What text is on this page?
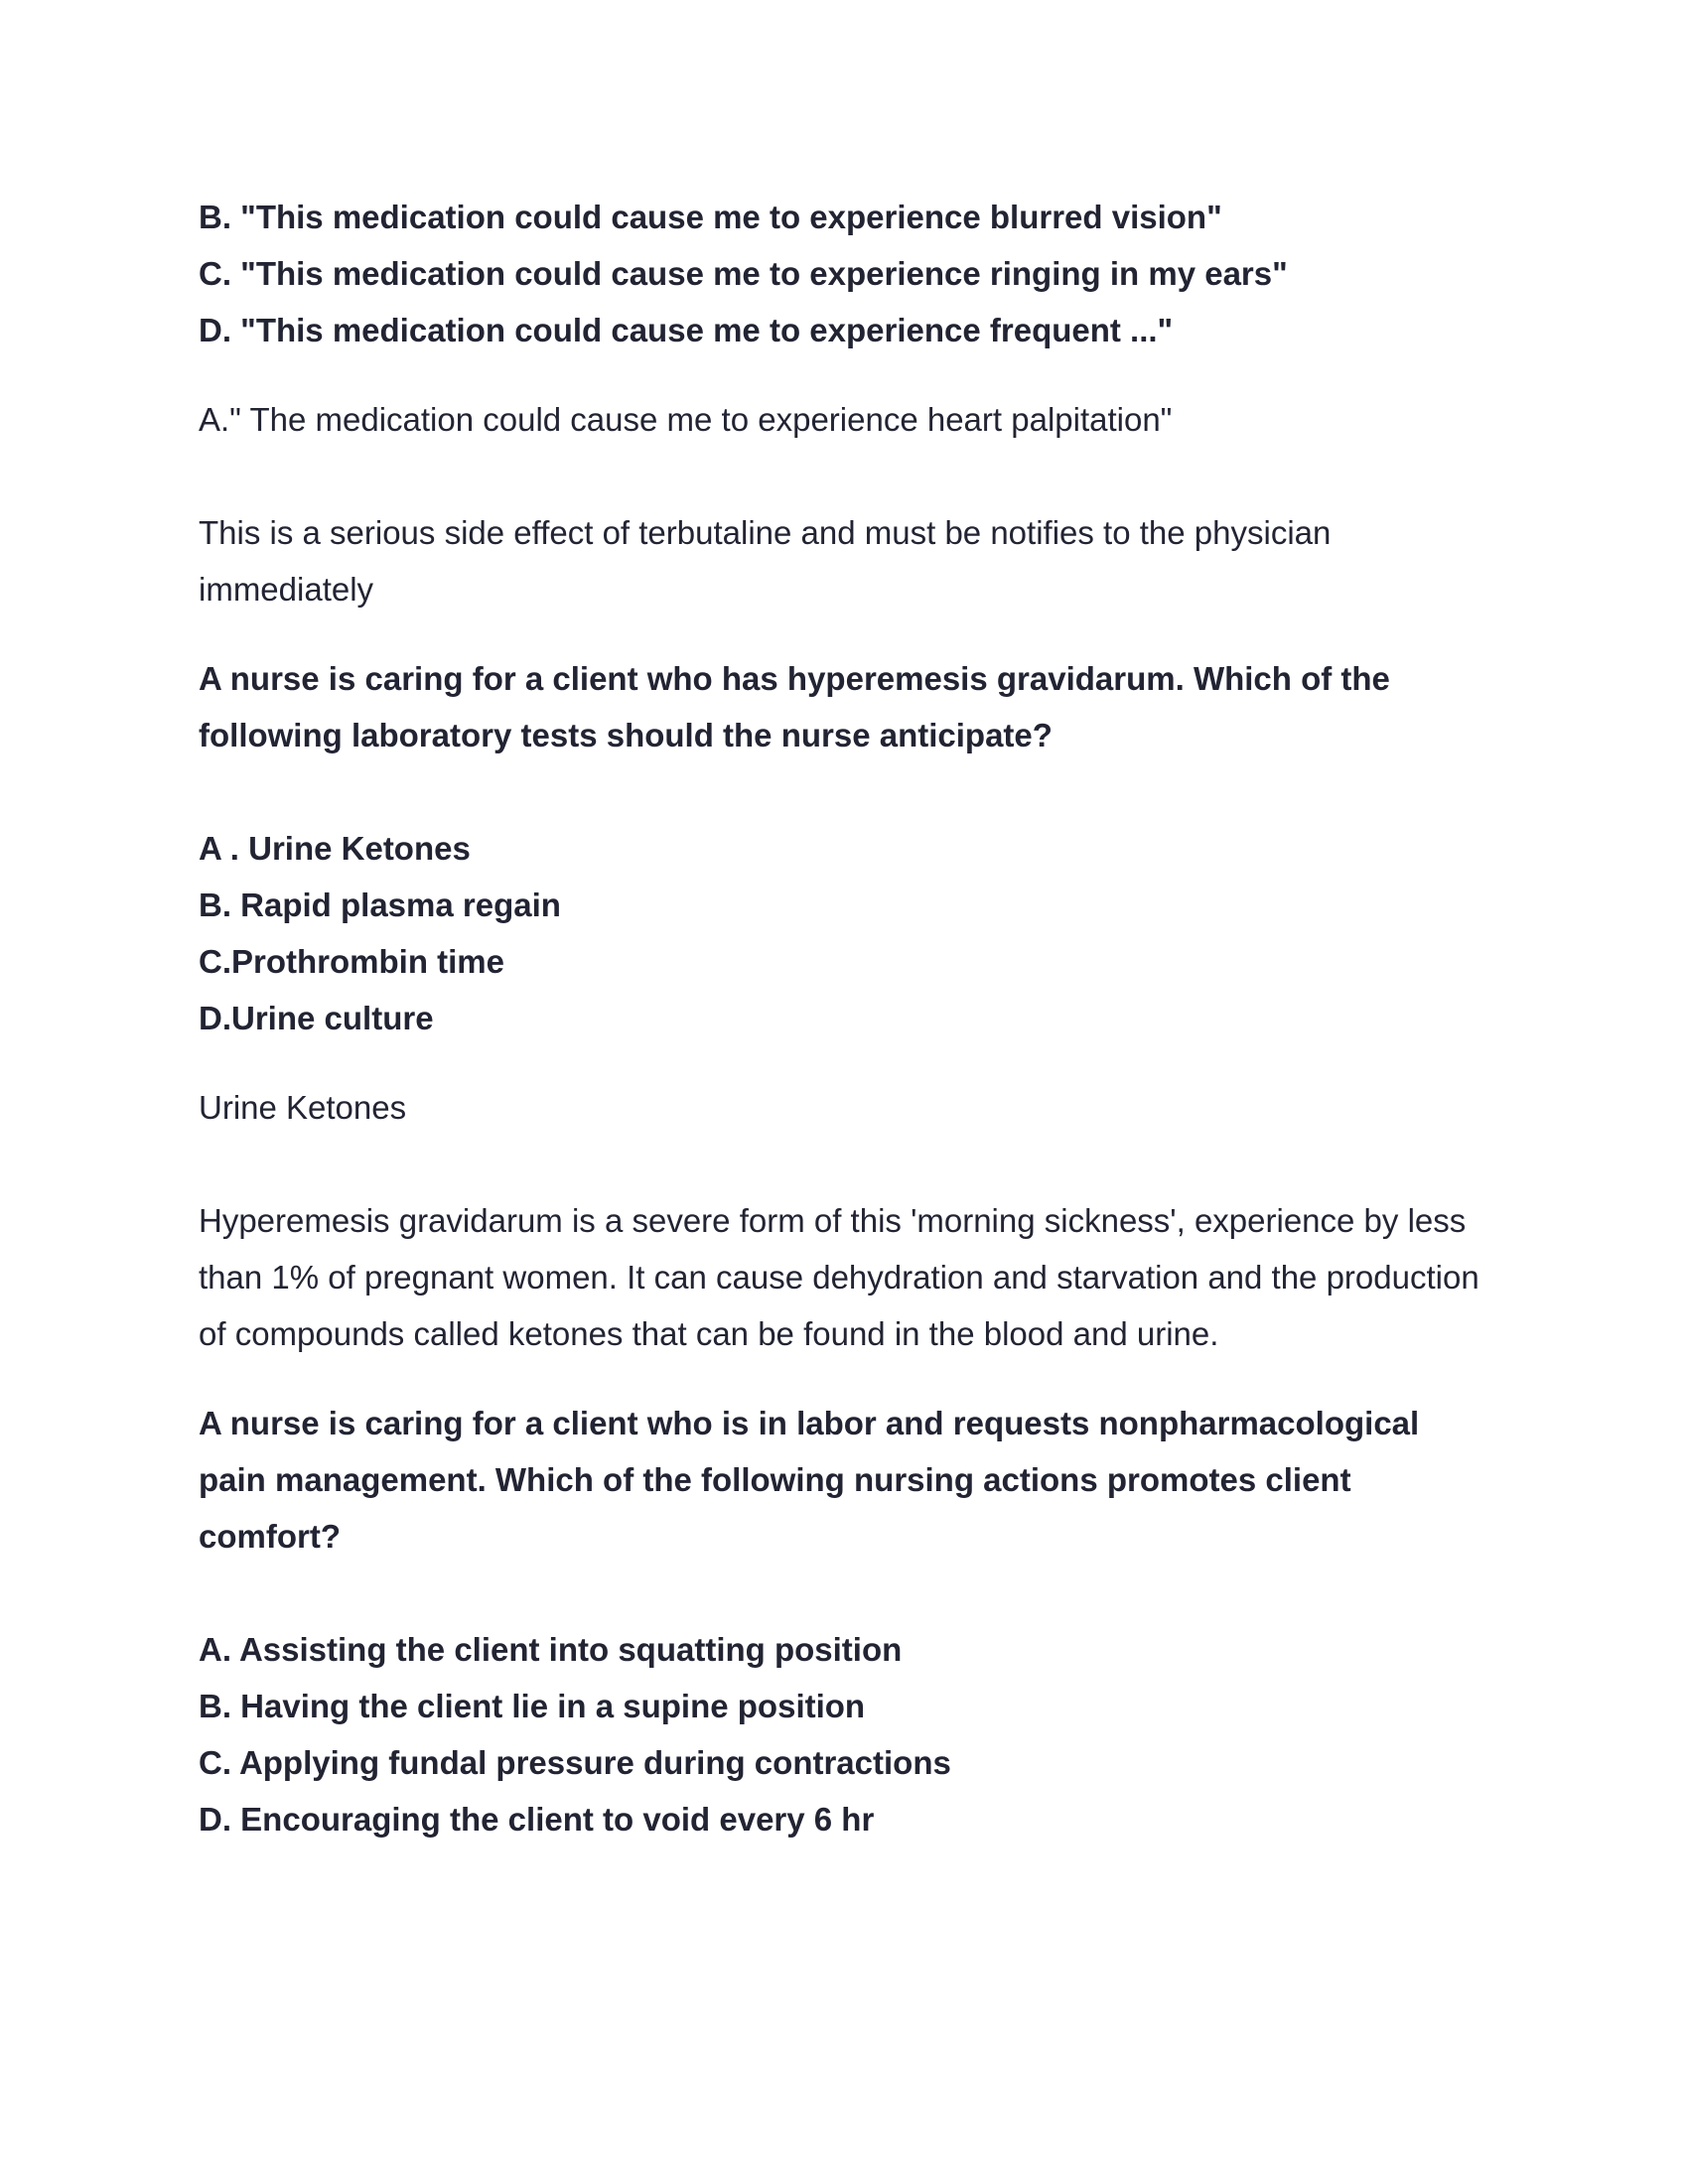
B. "This medication could cause me to experience blurred vision"

C. "This medication could cause me to experience ringing in my ears"

D. "This medication could cause me to experience frequent ..."

A." The medication could cause me to experience heart palpitation"

This is a serious side effect of terbutaline and must be notifies to the physician immediately

A nurse is caring for a client who has hyperemesis gravidarum. Which of the following laboratory tests should the nurse anticipate?

A . Urine Ketones

B. Rapid plasma regain

C.Prothrombin time

D.Urine culture

Urine Ketones

Hyperemesis gravidarum is a severe form of this 'morning sickness', experience by less than 1% of pregnant women. It can cause dehydration and starvation and the production of compounds called ketones that can be found in the blood and urine.

A nurse is caring for a client who is in labor and requests nonpharmacological pain management. Which of the following nursing actions promotes client comfort?

A. Assisting the client into squatting position

B. Having the client lie in a supine position

C. Applying fundal pressure during contractions

D. Encouraging the client to void every 6 hr
